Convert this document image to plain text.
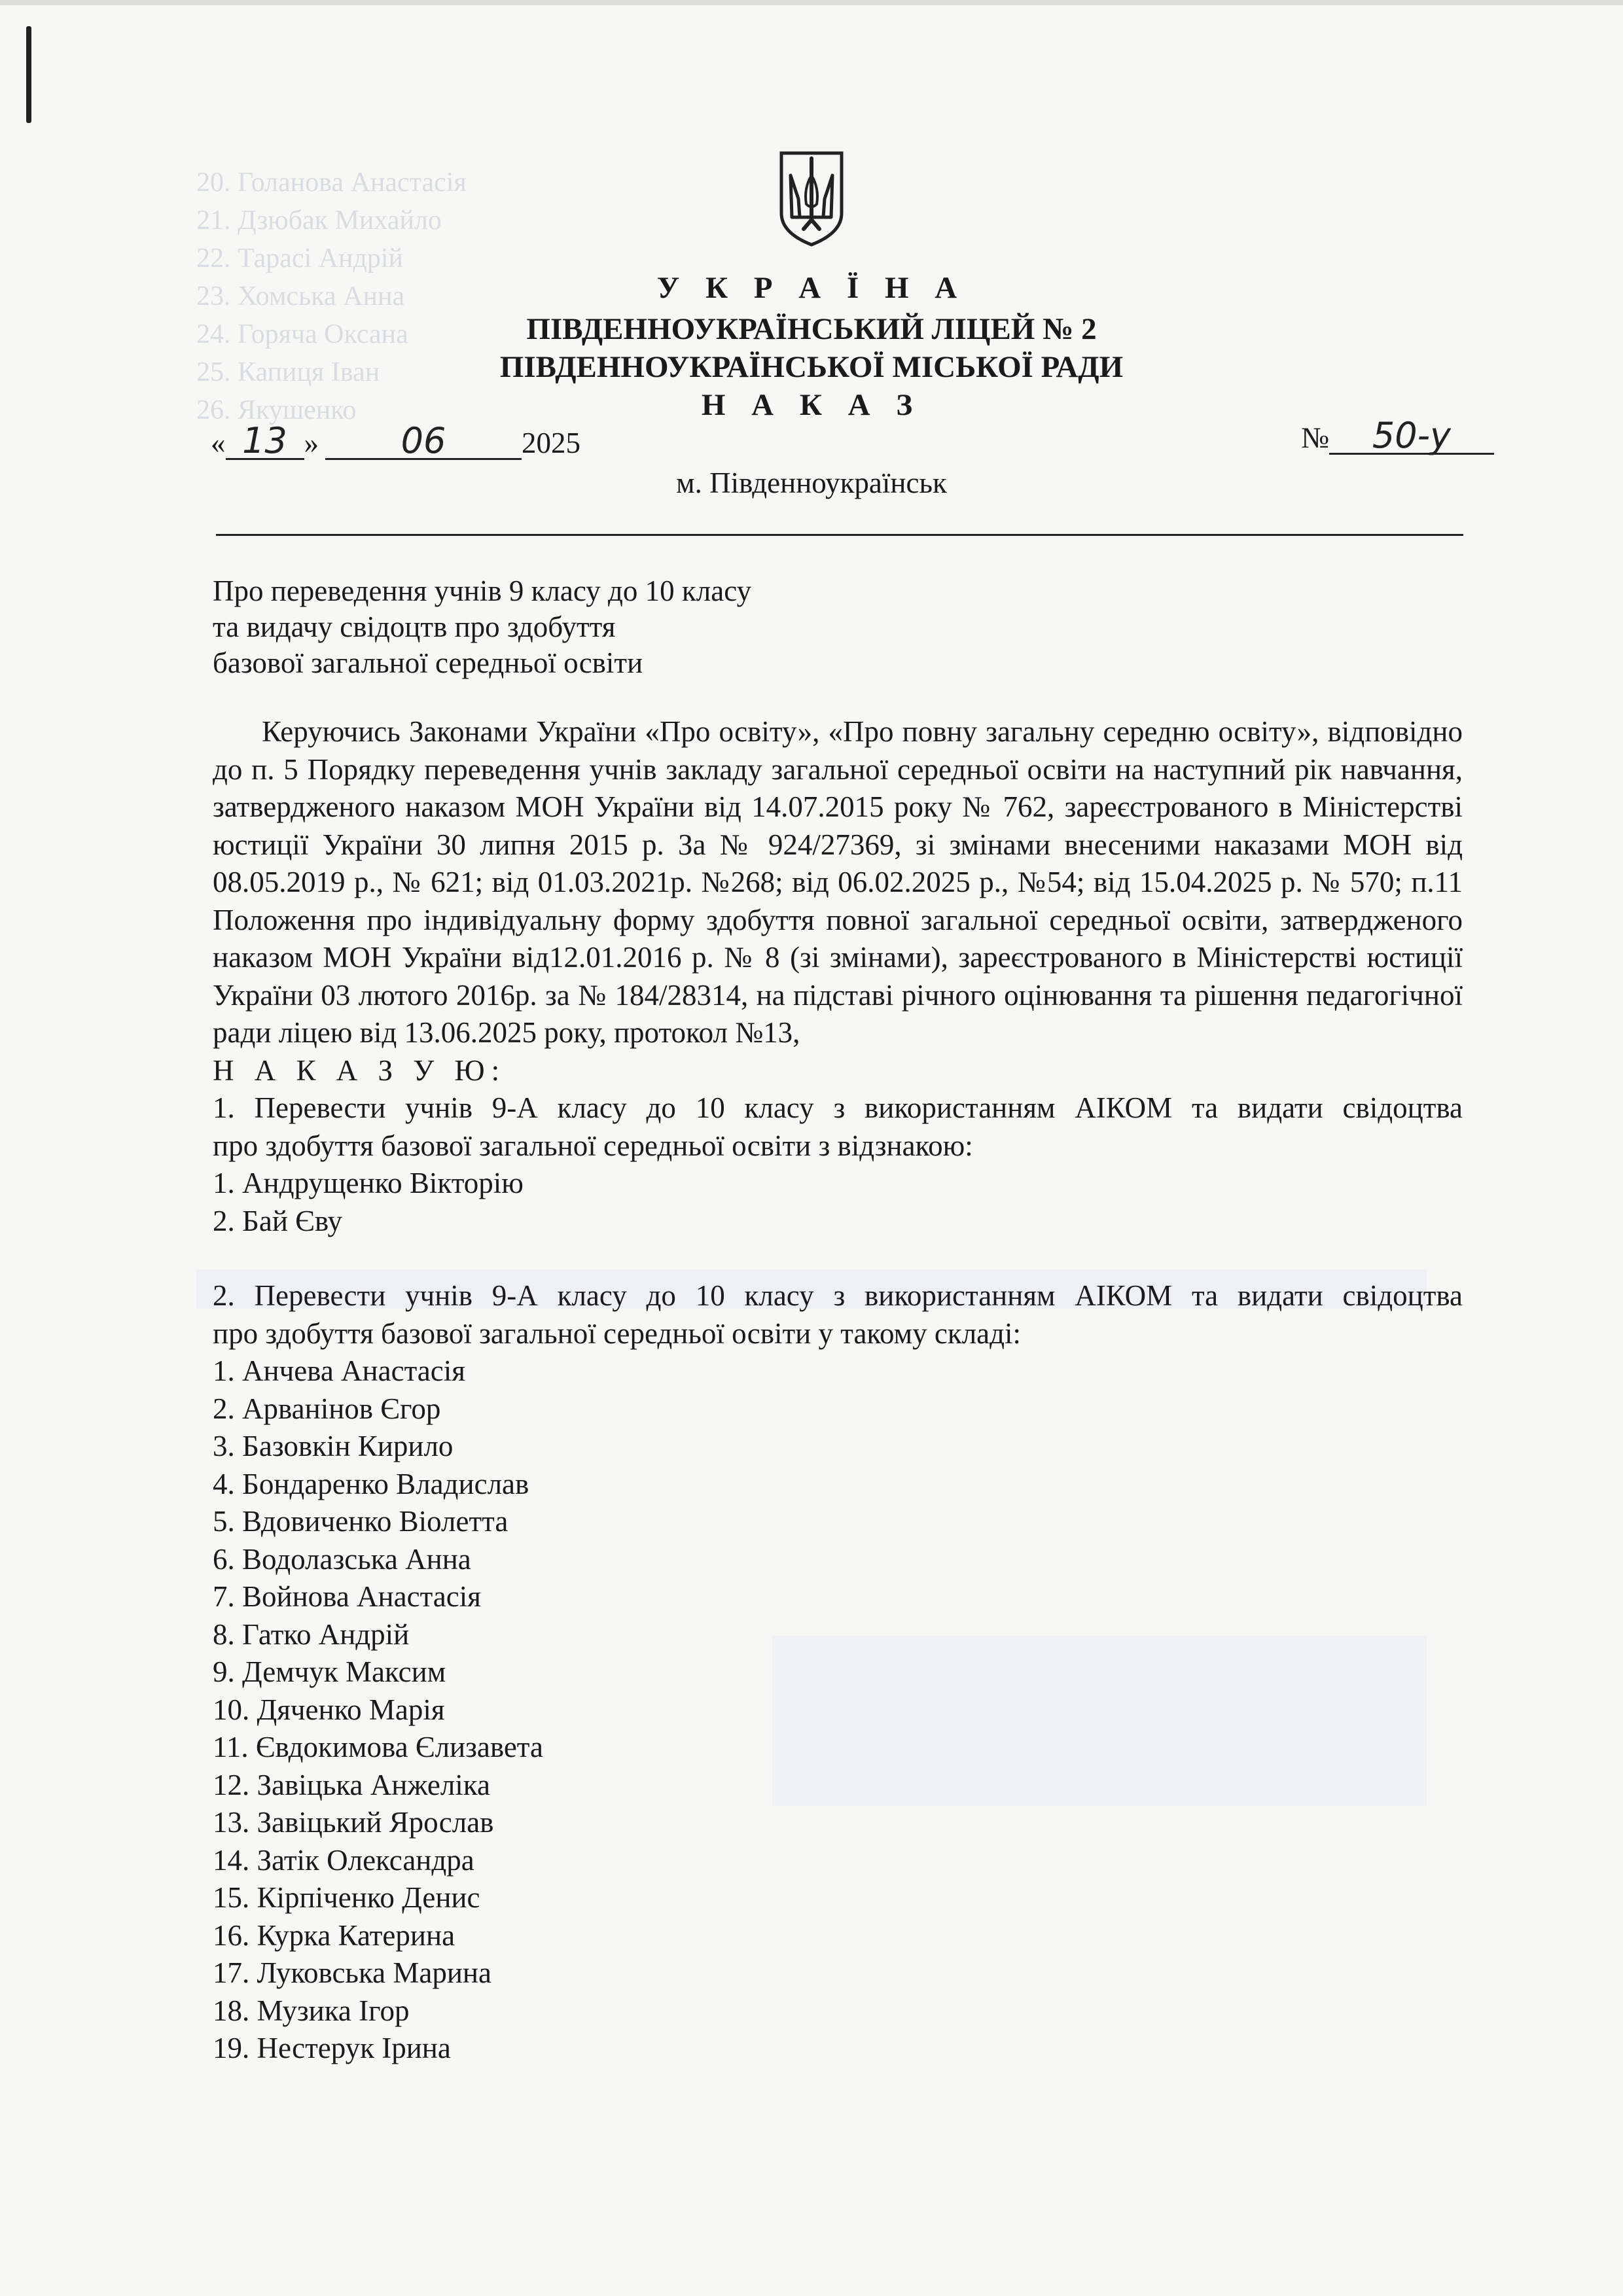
20. Голанова Анастасія
21. Дзюбак Михайло
22. Тарасі Андрій
23. Хомська Анна
24. Горяча Оксана
25. Капиця Іван
26. Якушенко
У К Р А Ї Н А
ПІВДЕННОУКРАЇНСЬКИЙ ЛІЦЕЙ № 2
ПІВДЕННОУКРАЇНСЬКОЇ МІСЬКОЇ РАДИ
Н А К А З
« 13 » 06	2025	№ 50-у
м. Південноукраїнськ
Про переведення учнів 9 класу до 10 класу
та видачу свідоцтв про здобуття
базової загальної середньої освіти

Керуючись Законами України «Про освіту», «Про повну загальну середню освіту», відповідно до п. 5 Порядку переведення учнів закладу загальної середньої освіти на наступний рік навчання, затвердженого наказом МОН України від 14.07.2015 року № 762, зареєстрованого в Міністерстві юстиції України 30 липня 2015 р. За № 924/27369, зі змінами внесеними наказами МОН від 08.05.2019 р., № 621; від 01.03.2021р. №268; від 06.02.2025 р., №54; від 15.04.2025 р. № 570; п.11 Положення про індивідуальну форму здобуття повної загальної середньої освіти, затвердженого наказом МОН України від12.01.2016 р. № 8 (зі змінами), зареєстрованого в Міністерстві юстиції України 03 лютого 2016р. за № 184/28314, на підставі річного оцінювання та рішення педагогічної ради ліцею від 13.06.2025 року, протокол №13,

Н А К А З У Ю:
1. Перевести учнів 9-А класу до 10 класу з використанням АІКОМ та видати свідоцтва
про здобуття базової загальної середньої освіти з відзнакою:
1. Андрущенко Вікторію
2. Бай Єву
2. Перевести учнів 9-А класу до 10 класу з використанням АІКОМ та видати свідоцтва
про здобуття базової загальної середньої освіти у такому складі:
1. Анчева Анастасія
2. Арванінов Єгор
3. Базовкін Кирило
4. Бондаренко Владислав
5. Вдовиченко Віолетта
6. Водолазська Анна
7. Войнова Анастасія
8. Гатко Андрій
9. Демчук Максим
10. Дяченко Марія
11. Євдокимова Єлизавета
12. Завіцька Анжеліка
13. Завіцький Ярослав
14. Затік Олександра
15. Кірпіченко Денис
16. Курка Катерина
17. Луковська Марина
18. Музика Ігор
19. Нестерук Ірина
